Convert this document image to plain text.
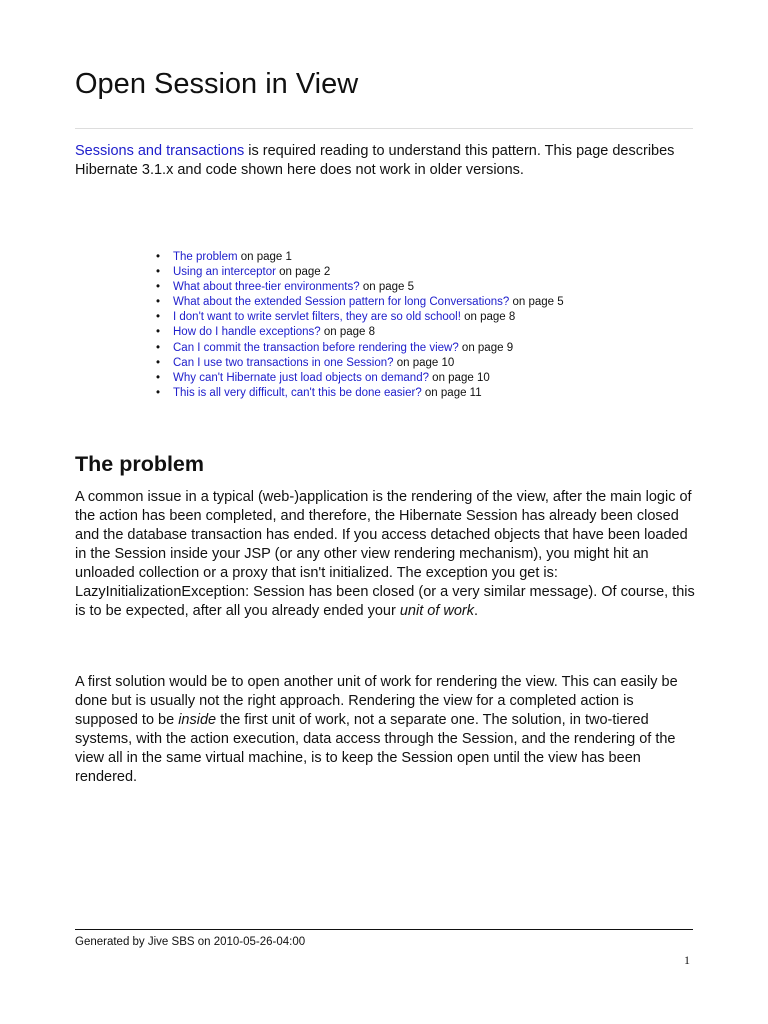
Open Session in View

Sessions and transactions is required reading to understand this pattern. This page describes Hibernate 3.1.x and code shown here does not work in older versions.

• The problem on page 1
• Using an interceptor on page 2
• What about three-tier environments? on page 5
• What about the extended Session pattern for long Conversations? on page 5
• I don't want to write servlet filters, they are so old school! on page 8
• How do I handle exceptions? on page 8
• Can I commit the transaction before rendering the view? on page 9
• Can I use two transactions in one Session? on page 10
• Why can't Hibernate just load objects on demand? on page 10
• This is all very difficult, can't this be done easier? on page 11
The problem

A common issue in a typical (web-)application is the rendering of the view, after the main logic of the action has been completed, and therefore, the Hibernate Session has already been closed and the database transaction has ended. If you access detached objects that have been loaded in the Session inside your JSP (or any other view rendering mechanism), you might hit an unloaded collection or a proxy that isn't initialized. The exception you get is: LazyInitializationException: Session has been closed (or a very similar message). Of course, this is to be expected, after all you already ended your unit of work.

A first solution would be to open another unit of work for rendering the view. This can easily be done but is usually not the right approach. Rendering the view for a completed action is supposed to be inside the first unit of work, not a separate one. The solution, in two-tiered systems, with the action execution, data access through the Session, and the rendering of the view all in the same virtual machine, is to keep the Session open until the view has been rendered.

Generated by Jive SBS on 2010-05-26-04:00

1
